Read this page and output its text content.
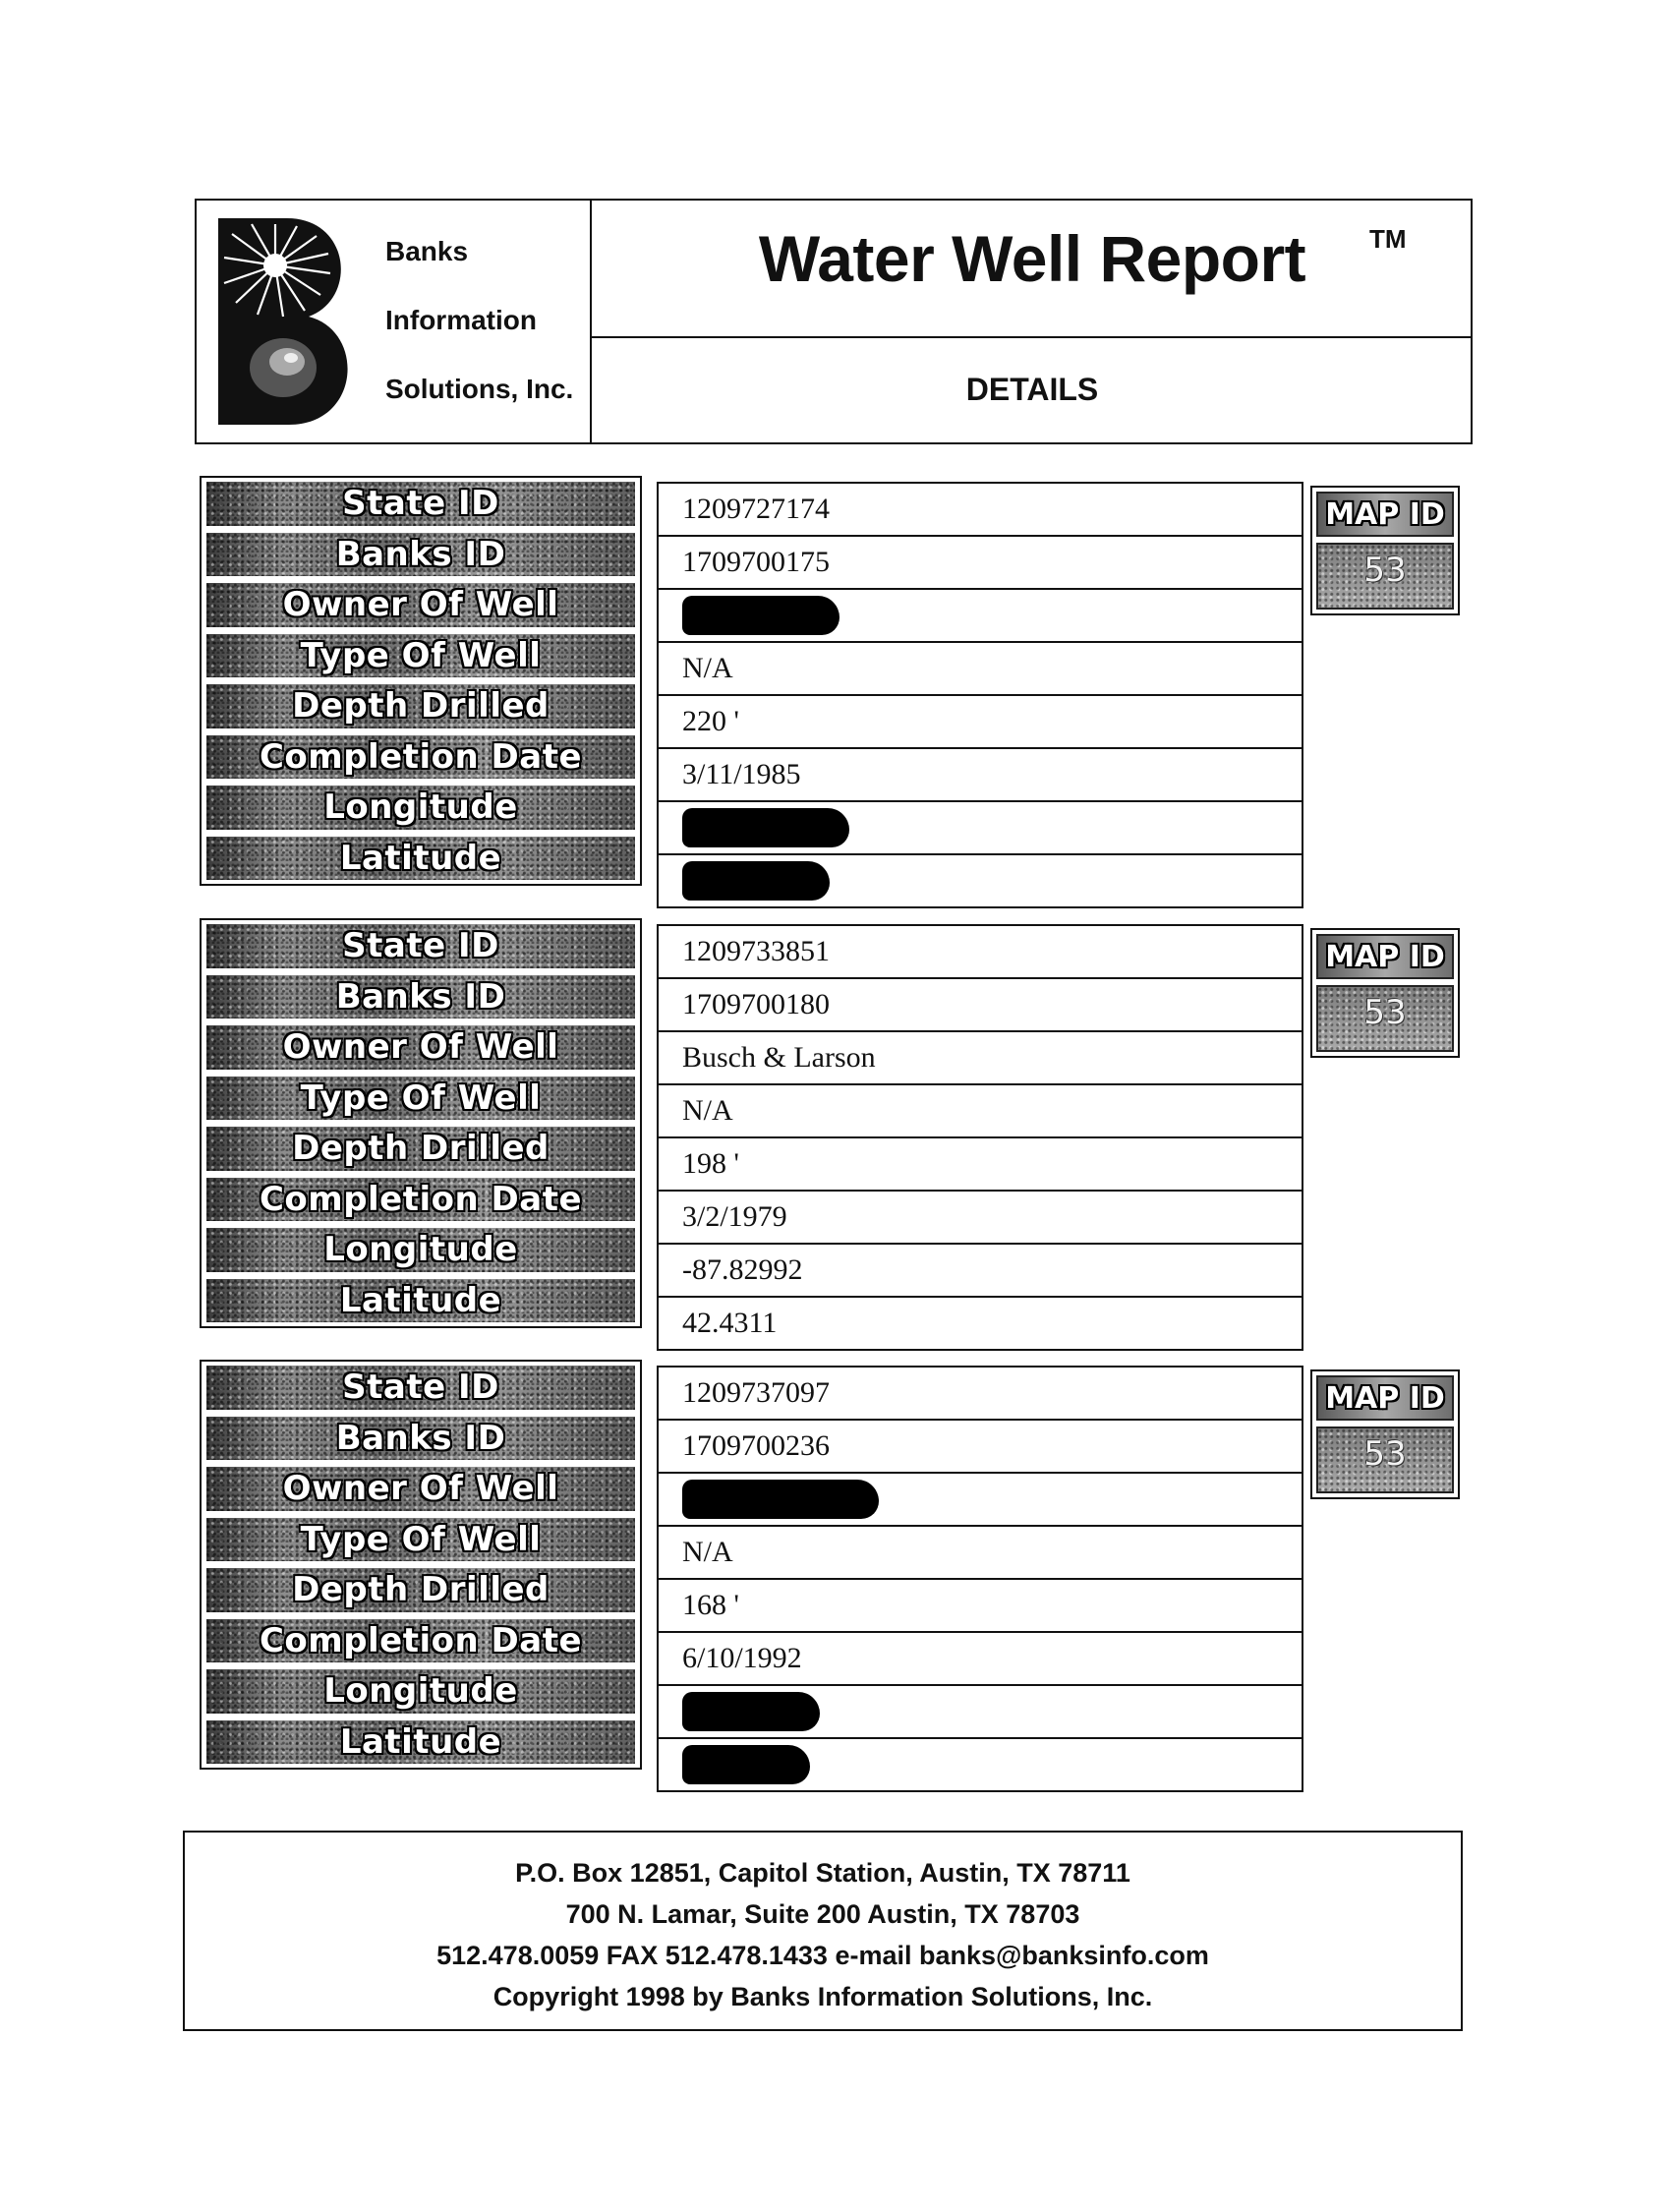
Banks
Information
Solutions, Inc.
Water Well Report	TM
DETAILS
State ID
Banks ID
Owner Of Well
Type Of Well
Depth Drilled
Completion Date
Longitude
Latitude
1209727174
1709700175
N/A
220 '
3/11/1985
MAP ID
53
State ID
Banks ID
Owner Of Well
Type Of Well
Depth Drilled
Completion Date
Longitude
Latitude
1209733851
1709700180
Busch & Larson
N/A
198 '
3/2/1979
-87.82992
42.4311
MAP ID
53
State ID
Banks ID
Owner Of Well
Type Of Well
Depth Drilled
Completion Date
Longitude
Latitude
1209737097
1709700236
N/A
168 '
6/10/1992
MAP ID
53
P.O. Box 12851, Capitol Station, Austin, TX 78711
700 N. Lamar, Suite 200 Austin, TX 78703
512.478.0059 FAX 512.478.1433 e-mail banks@banksinfo.com
Copyright 1998 by Banks Information Solutions, Inc.
